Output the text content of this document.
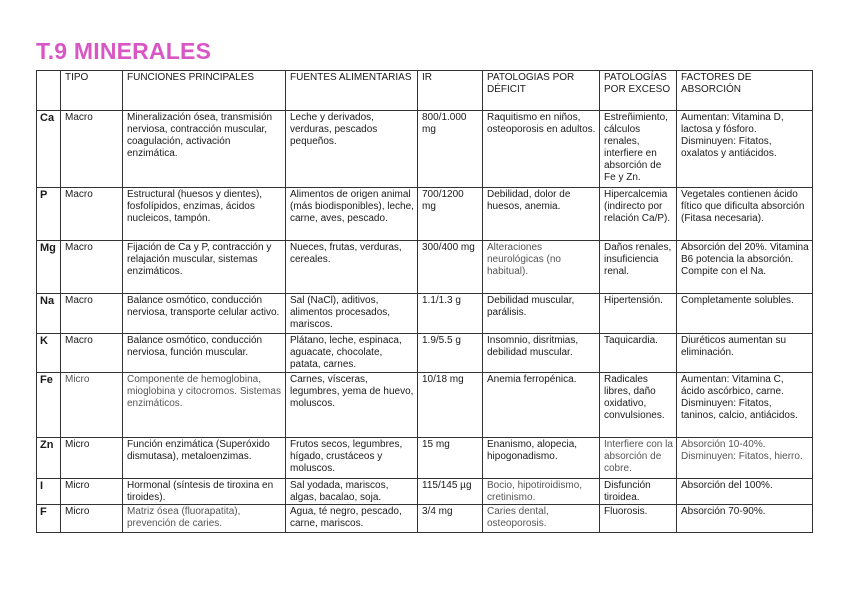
T.9 MINERALES
	TIPO	FUNCIONES PRINCIPALES	FUENTES ALIMENTARIAS	IR	PATOLOGIAS POR DÉFICIT	PATOLOGÍAS POR EXCESO	FACTORES DE ABSORCIÓN
Ca	Macro	Mineralización ósea, transmisión nerviosa, contracción muscular, coagulación, activación enzimática.	Leche y derivados, verduras, pescados pequeños.	800/1.000 mg	Raquitismo en niños, osteoporosis en adultos.	Estreñimiento, cálculos renales, interfiere en absorción de Fe y Zn.	Aumentan: Vitamina D, lactosa y fósforo. Disminuyen: Fitatos, oxalatos y antiácidos.
P	Macro	Estructural (huesos y dientes), fosfolípidos, enzimas, ácidos nucleicos, tampón.	Alimentos de origen animal (más biodisponibles), leche, carne, aves, pescado.	700/1200 mg	Debilidad, dolor de huesos, anemia.	Hipercalcemia (indirecto por relación Ca/P).	Vegetales contienen ácido fítico que dificulta absorción (Fitasa necesaria).
Mg	Macro	Fijación de Ca y P, contracción y relajación muscular, sistemas enzimáticos.	Nueces, frutas, verduras, cereales.	300/400 mg	Alteraciones neurológicas (no habitual).	Daños renales, insuficiencia renal.	Absorción del 20%. Vitamina B6 potencia la absorción. Compite con el Na.
Na	Macro	Balance osmótico, conducción nerviosa, transporte celular activo.	Sal (NaCl), aditivos, alimentos procesados, mariscos.	1.1/1.3 g	Debilidad muscular, parálisis.	Hipertensión.	Completamente solubles.
K	Macro	Balance osmótico, conducción nerviosa, función muscular.	Plátano, leche, espinaca, aguacate, chocolate, patata, carnes.	1.9/5.5 g	Insomnio, disritmias, debilidad muscular.	Taquicardia.	Diuréticos aumentan su eliminación.
Fe	Micro	Componente de hemoglobina, mioglobina y citocromos. Sistemas enzimáticos.	Carnes, vísceras, legumbres, yema de huevo, moluscos.	10/18 mg	Anemia ferropénica.	Radicales libres, daño oxidativo, convulsiones.	Aumentan: Vitamina C, ácido ascórbico, carne. Disminuyen: Fitatos, taninos, calcio, antiácidos.
Zn	Micro	Función enzimática (Superóxido dismutasa), metaloenzimas.	Frutos secos, legumbres, hígado, crustáceos y moluscos.	15 mg	Enanismo, alopecia, hipogonadismo.	Interfiere con la absorción de cobre.	Absorción 10-40%. Disminuyen: Fitatos, hierro.
I	Micro	Hormonal (síntesis de tiroxina en tiroides).	Sal yodada, mariscos, algas, bacalao, soja.	115/145 µg	Bocio, hipotiroidismo, cretinismo.	Disfunción tiroidea.	Absorción del 100%.
F	Micro	Matriz ósea (fluorapatita), prevención de caries.	Agua, té negro, pescado, carne, mariscos.	3/4 mg	Caries dental, osteoporosis.	Fluorosis.	Absorción 70-90%.
